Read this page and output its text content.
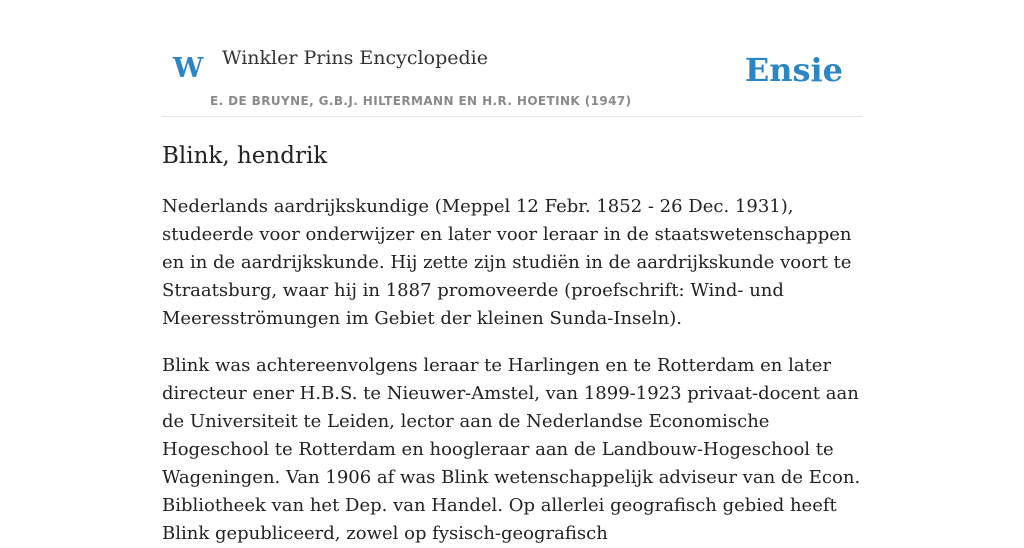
W Winkler Prins Encyclopedie
E. DE BRUYNE, G.B.J. HILTERMANN EN H.R. HOETINK (1947)
Ensie
Blink, hendrik

Nederlands aardrijkskundige (Meppel 12 Febr. 1852 - 26 Dec. 1931), studeerde voor onderwijzer en later voor leraar in de staatswetenschappen en in de aardrijkskunde. Hij zette zijn studiën in de aardrijkskunde voort te Straatsburg, waar hij in 1887 promoveerde (proefschrift: Wind- und Meeresströmungen im Gebiet der kleinen Sunda-Inseln).

Blink was achtereenvolgens leraar te Harlingen en te Rotterdam en later directeur ener H.B.S. te Nieuwer-Amstel, van 1899-1923 privaat-docent aan de Universiteit te Leiden, lector aan de Nederlandse Economische Hogeschool te Rotterdam en hoogleraar aan de Landbouw-Hogeschool te Wageningen. Van 1906 af was Blink wetenschappelijk adviseur van de Econ. Bibliotheek van het Dep. van Handel. Op allerlei geografisch gebied heeft Blink gepubliceerd, zowel op fysisch-geografisch
